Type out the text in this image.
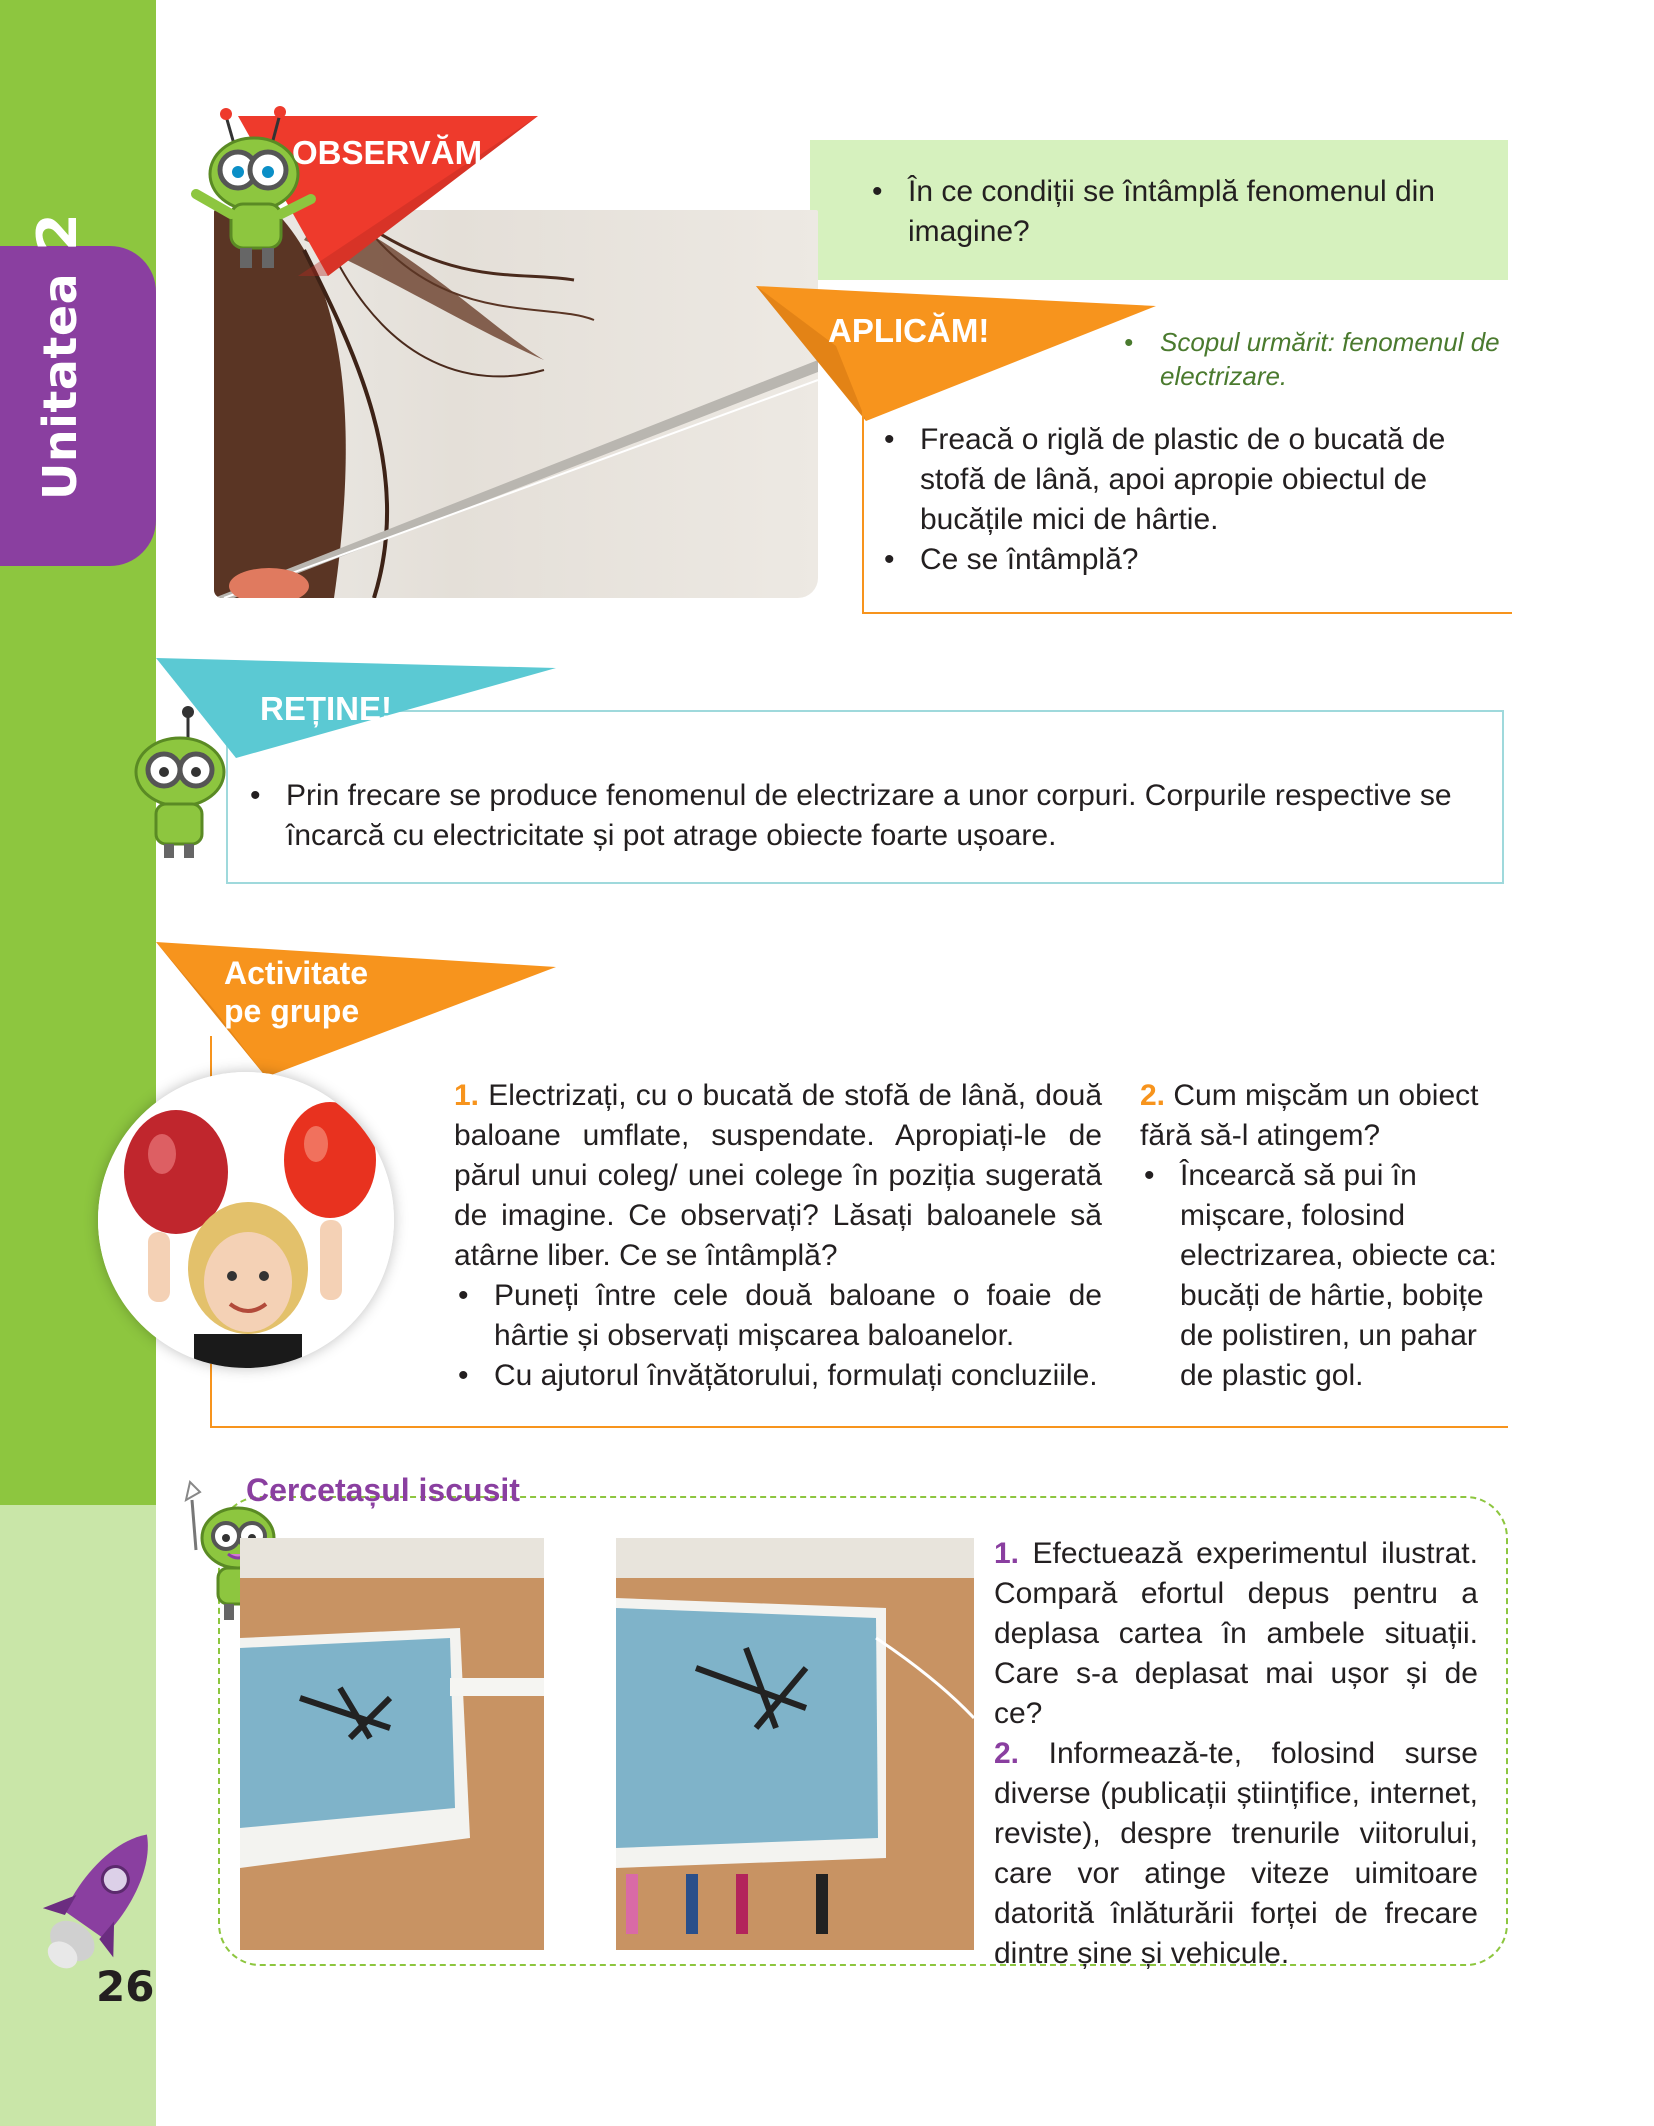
Unitatea2
26
OBSERVĂM
• În ce condiții se întâmplă fenomenul din imagine?
APLICĂM!
•	Scopul urmărit: fenomenul de electrizare.
• Freacă o riglă de plastic de o bucată de stofă de lână, apoi apropie obiectul de bucățile mici de hârtie.
• Ce se întâmplă?
REȚINE!
• Prin frecare se produce fenomenul de electrizare a unor corpuri. Corpurile respective se încarcă cu electricitate și pot atrage obiecte foarte ușoare.
Activitate
pe grupe
1. Electrizați, cu o bucată de stofă de lână, două baloane umflate, suspendate. Apropiați-le de părul unui coleg/ unei colege în poziția sugerată de imagine. Ce observați? Lăsați baloanele să atârne liber. Ce se întâmplă?
• Puneți între cele două baloane o foaie de hârtie și observați mișcarea baloanelor.
• Cu ajutorul învățătorului, formulați concluziile.
2. Cum mișcăm un obiect fără să-l atingem?
• Încearcă să pui în mișcare, folosind electrizarea, obiecte ca: bucăți de hârtie, bobițe de polistiren, un pahar de plastic gol.
Cercetașul iscusit
1. Efectuează experimentul ilustrat. Compară efortul depus pentru a deplasa cartea în ambele situații. Care s-a deplasat mai ușor și de ce?
2. Informează-te, folosind surse diverse (publicații științifice, internet, reviste), despre trenurile viitorului, care vor atinge viteze uimitoare datorită înlăturării forței de frecare dintre șine și vehicule.
